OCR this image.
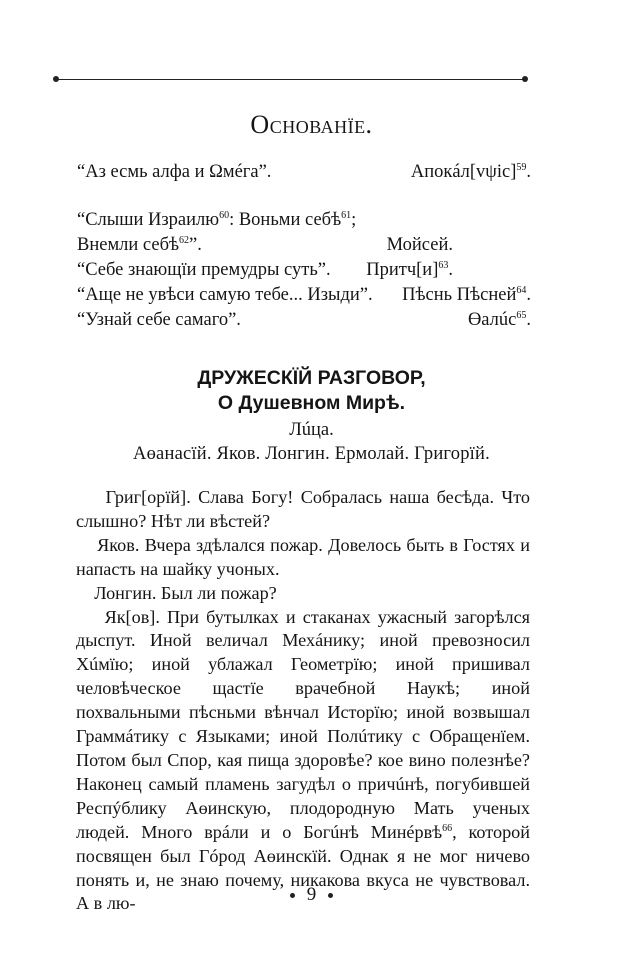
Основанїе.
“Аз есмь алфа и Ωмéга”.	$Апокáл[v\psi ic]^{59}$.
“Слыши Израилю$^{60}$: Воньми себѣ$^{61}$;
Внемли себѣ$^{62}$”.	Мойсей.
“Себе знающїи премудры суть”. $Притч[и]^{63}$.
“Аще не увѣси самую тебе... Изыди”. Пѣснь Пѣсней$^{64}$.
“Узнай себе самаго”.	Өалúс$^{65}$.
ДРУЖЕСКЇЙ РАЗГОВОР,
О Душевном Мирѣ.
Лúца.
Аөанасїй. Яков. Лонгин. Ермолай. Григорїй.

Григ[орїй]. Слава Богу! Собралась наша бесѣда. Что слышно? Нѣт ли вѣстей?

Яков. Вчера здѣлался пожар. Довелось быть в Гостях и напасть на шайку учоных.

Лонгин. Был ли пожар?

Як[ов]. При бутылках и стаканах ужасный загорѣлся дыспут. Иной величал Мехáнику; иной превозносил Хúмїю; иной ублажал Геометрїю; иной пришивал человѣческое щастїе врачебной Наукѣ; иной похвальными пѣсньми вѣнчал Исторїю; иной возвышал Граммáтику с Языками; иной Полúтику с Обращенїем. Потом был Спор, кая пища здоровѣе? кое вино полезнѣе? Наконец самый пламень загудѣл о причúнѣ, погубившей Респýблику Аөинскую, плодородную Мать ученых людей. Много врáли и о Богúнѣ Минéрвѣ$^{66}$, которой посвящен был Гóрод Аөинскїй. Однак я не мог ничево понять и, не знаю почему, никакова вкуса не чувствовал. А в лю-	9
